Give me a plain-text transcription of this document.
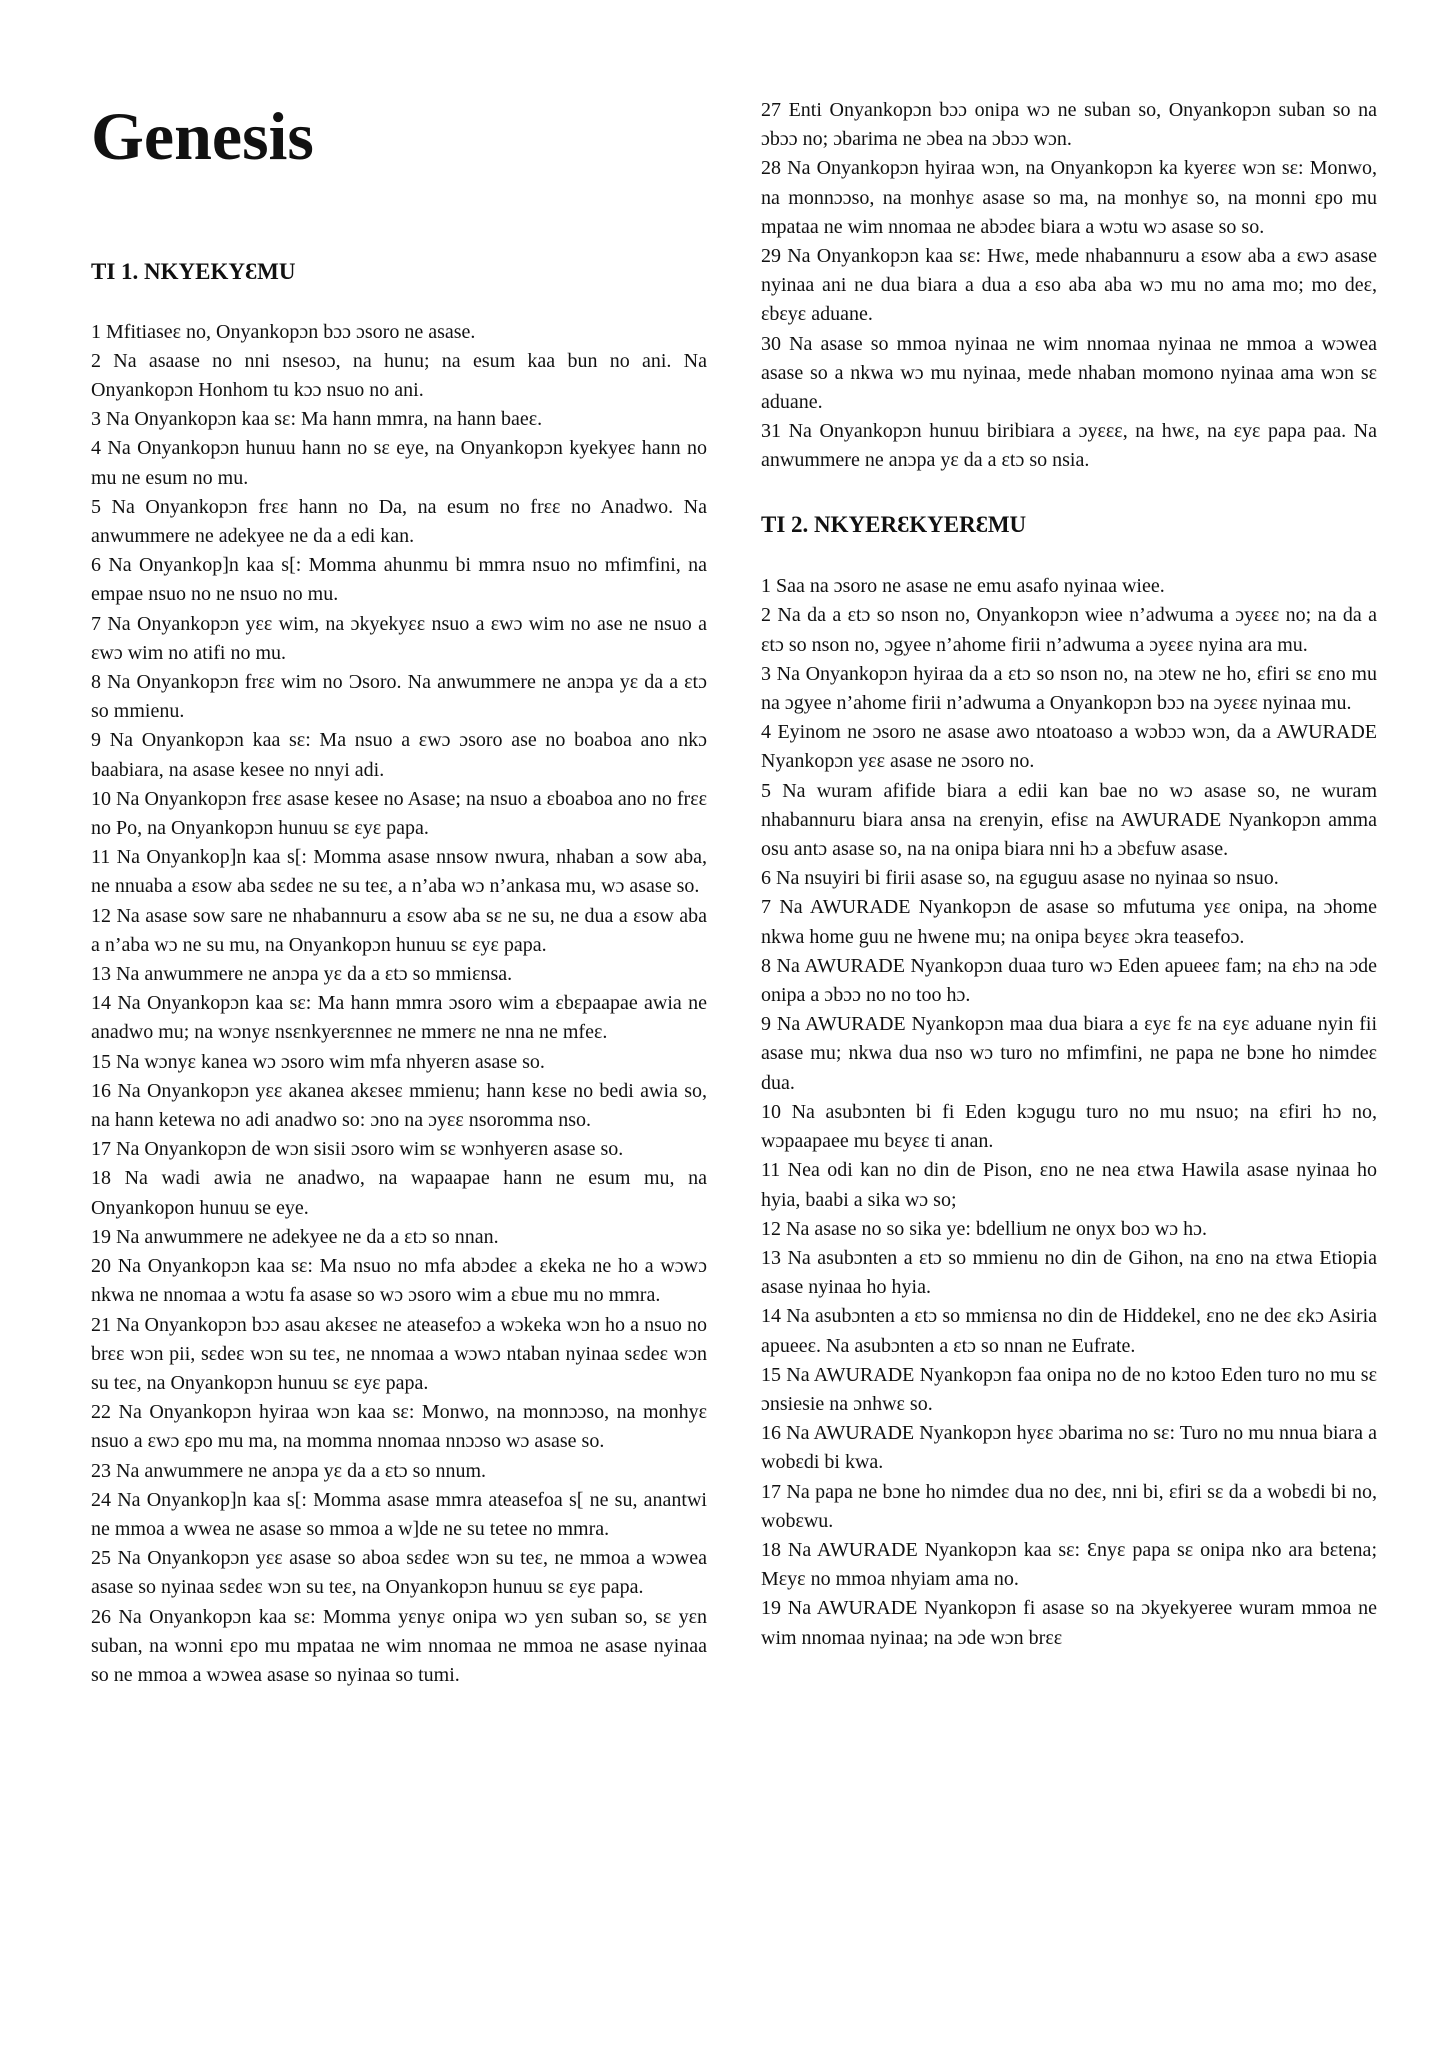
Genesis
TI 1. NKYEKYƐMU

1 Mfitiaseɛ no, Onyankopɔn bɔɔ ɔsoro ne asase.

2 Na asaase no nni nsesoɔ, na hunu; na esum kaa bun no ani. Na Onyankopɔn Honhom tu kɔɔ nsuo no ani.

3 Na Onyankopɔn kaa sɛ: Ma hann mmra, na hann baeɛ.

4 Na Onyankopɔn hunuu hann no sɛ eye, na Onyankopɔn kyekyeɛ hann no mu ne esum no mu.

5 Na Onyankopɔn frɛɛ hann no Da, na esum no frɛɛ no Anadwo. Na anwummere ne adekyee ne da a edi kan.

6 Na Onyankop]n kaa s[: Momma ahunmu bi mmra nsuo no mfimfini, na empae nsuo no ne nsuo no mu.

7 Na Onyankopɔn yɛɛ wim, na ɔkyekyɛɛ nsuo a ɛwɔ wim no ase ne nsuo a ɛwɔ wim no atifi no mu.

8 Na Onyankopɔn frɛɛ wim no Ɔsoro. Na anwummere ne anɔpa yɛ da a ɛtɔ so mmienu.

9 Na Onyankopɔn kaa sɛ: Ma nsuo a ɛwɔ ɔsoro ase no boaboa ano nkɔ baabiara, na asase kesee no nnyi adi.

10 Na Onyankopɔn frɛɛ asase kesee no Asase; na nsuo a ɛboaboa ano no frɛɛ no Po, na Onyankopɔn hunuu sɛ ɛyɛ papa.

11 Na Onyankop]n kaa s[: Momma asase nnsow nwura, nhaban a sow aba, ne nnuaba a ɛsow aba sɛdeɛ ne su teɛ, a n’aba wɔ n’ankasa mu, wɔ asase so.

12 Na asase sow sare ne nhabannuru a ɛsow aba sɛ ne su, ne dua a ɛsow aba a n’aba wɔ ne su mu, na Onyankopɔn hunuu sɛ ɛyɛ papa.

13 Na anwummere ne anɔpa yɛ da a ɛtɔ so mmiɛnsa.

14 Na Onyankopɔn kaa sɛ: Ma hann mmra ɔsoro wim a ɛbɛpaapae awia ne anadwo mu; na wɔnyɛ nsɛnkyerɛnneɛ ne mmerɛ ne nna ne mfeɛ.

15 Na wɔnyɛ kanea wɔ ɔsoro wim mfa nhyerɛn asase so.

16 Na Onyankopɔn yɛɛ akanea akɛseɛ mmienu; hann kɛse no bedi awia so, na hann ketewa no adi anadwo so: ɔno na ɔyɛɛ nsoromma nso.

17 Na Onyankopɔn de wɔn sisii ɔsoro wim sɛ wɔnhyerɛn asase so.

18 Na wadi awia ne anadwo, na wapaapae hann ne esum mu, na Onyankopon hunuu se eye.

19 Na anwummere ne adekyee ne da a ɛtɔ so nnan.

20 Na Onyankopɔn kaa sɛ: Ma nsuo no mfa abɔdeɛ a ɛkeka ne ho a wɔwɔ nkwa ne nnomaa a wɔtu fa asase so wɔ ɔsoro wim a ɛbue mu no mmra.

21 Na Onyankopɔn bɔɔ asau akɛseɛ ne ateasefoɔ a wɔkeka wɔn ho a nsuo no brɛɛ wɔn pii, sɛdeɛ wɔn su teɛ, ne nnomaa a wɔwɔ ntaban nyinaa sɛdeɛ wɔn su teɛ, na Onyankopɔn hunuu sɛ ɛyɛ papa.

22 Na Onyankopɔn hyiraa wɔn kaa sɛ: Monwo, na monnɔɔso, na monhyɛ nsuo a ɛwɔ ɛpo mu ma, na momma nnomaa nnɔɔso wɔ asase so.

23 Na anwummere ne anɔpa yɛ da a ɛtɔ so nnum.

24 Na Onyankop]n kaa s[: Momma asase mmra ateasefoa s[ ne su, anantwi ne mmoa a wwea ne asase so mmoa a w]de ne su tetee no mmra.

25 Na Onyankopɔn yɛɛ asase so aboa sɛdeɛ wɔn su teɛ, ne mmoa a wɔwea asase so nyinaa sɛdeɛ wɔn su teɛ, na Onyankopɔn hunuu sɛ ɛyɛ papa.

26 Na Onyankopɔn kaa sɛ: Momma yɛnyɛ onipa wɔ yɛn suban so, sɛ yɛn suban, na wɔnni ɛpo mu mpataa ne wim nnomaa ne mmoa ne asase nyinaa so ne mmoa a wɔwea asase so nyinaa so tumi.

27 Enti Onyankopɔn bɔɔ onipa wɔ ne suban so, Onyankopɔn suban so na ɔbɔɔ no; ɔbarima ne ɔbea na ɔbɔɔ wɔn.

28 Na Onyankopɔn hyiraa wɔn, na Onyankopɔn ka kyerɛɛ wɔn sɛ: Monwo, na monnɔɔso, na monhyɛ asase so ma, na monhyɛ so, na monni ɛpo mu mpataa ne wim nnomaa ne abɔdeɛ biara a wɔtu wɔ asase so so.

29 Na Onyankopɔn kaa sɛ: Hwɛ, mede nhabannuru a ɛsow aba a ɛwɔ asase nyinaa ani ne dua biara a dua a ɛso aba aba wɔ mu no ama mo; mo deɛ, ɛbɛyɛ aduane.

30 Na asase so mmoa nyinaa ne wim nnomaa nyinaa ne mmoa a wɔwea asase so a nkwa wɔ mu nyinaa, mede nhaban momono nyinaa ama wɔn sɛ aduane.

31 Na Onyankopɔn hunuu biribiara a ɔyɛɛɛ, na hwɛ, na ɛyɛ papa paa. Na anwummere ne anɔpa yɛ da a ɛtɔ so nsia.

TI 2. NKYERƐKYERƐMU

1 Saa na ɔsoro ne asase ne emu asafo nyinaa wiee.

2 Na da a ɛtɔ so nson no, Onyankopɔn wiee n’adwuma a ɔyɛɛɛ no; na da a ɛtɔ so nson no, ɔgyee n’ahome firii n’adwuma a ɔyɛɛɛ nyina ara mu.

3 Na Onyankopɔn hyiraa da a ɛtɔ so nson no, na ɔtew ne ho, ɛfiri sɛ ɛno mu na ɔgyee n’ahome firii n’adwuma a Onyankopɔn bɔɔ na ɔyɛɛɛ nyinaa mu.

4 Eyinom ne ɔsoro ne asase awo ntoatoaso a wɔbɔɔ wɔn, da a AWURADE Nyankopɔn yɛɛ asase ne ɔsoro no.

5 Na wuram afifide biara a edii kan bae no wɔ asase so, ne wuram nhabannuru biara ansa na ɛrenyin, efisɛ na AWURADE Nyankopɔn amma osu antɔ asase so, na na onipa biara nni hɔ a ɔbɛfuw asase.

6 Na nsuyiri bi firii asase so, na ɛguguu asase no nyinaa so nsuo.

7 Na AWURADE Nyankopɔn de asase so mfutuma yɛɛ onipa, na ɔhome nkwa home guu ne hwene mu; na onipa bɛyɛɛ ɔkra teasefoɔ.

8 Na AWURADE Nyankopɔn duaa turo wɔ Eden apueeɛ fam; na ɛhɔ na ɔde onipa a ɔbɔɔ no no too hɔ.

9 Na AWURADE Nyankopɔn maa dua biara a ɛyɛ fɛ na ɛyɛ aduane nyin fii asase mu; nkwa dua nso wɔ turo no mfimfini, ne papa ne bɔne ho nimdeɛ dua.

10 Na asubɔnten bi fi Eden kɔgugu turo no mu nsuo; na ɛfiri hɔ no, wɔpaapaee mu bɛyɛɛ ti anan.

11 Nea odi kan no din de Pison, ɛno ne nea ɛtwa Hawila asase nyinaa ho hyia, baabi a sika wɔ so;

12 Na asase no so sika ye: bdellium ne onyx boɔ wɔ hɔ.

13 Na asubɔnten a ɛtɔ so mmienu no din de Gihon, na ɛno na ɛtwa Etiopia asase nyinaa ho hyia.

14 Na asubɔnten a ɛtɔ so mmiɛnsa no din de Hiddekel, ɛno ne deɛ ɛkɔ Asiria apueeɛ. Na asubɔnten a ɛtɔ so nnan ne Eufrate.

15 Na AWURADE Nyankopɔn faa onipa no de no kɔtoo Eden turo no mu sɛ ɔnsiesie na ɔnhwɛ so.

16 Na AWURADE Nyankopɔn hyɛɛ ɔbarima no sɛ: Turo no mu nnua biara a wobɛdi bi kwa.

17 Na papa ne bɔne ho nimdeɛ dua no deɛ, nni bi, ɛfiri sɛ da a wobɛdi bi no, wobɛwu.

18 Na AWURADE Nyankopɔn kaa sɛ: Ɛnyɛ papa sɛ onipa nko ara bɛtena; Mɛyɛ no mmoa nhyiam ama no.

19 Na AWURADE Nyankopɔn fi asase so na ɔkyekyeree wuram mmoa ne wim nnomaa nyinaa; na ɔde wɔn brɛɛ
